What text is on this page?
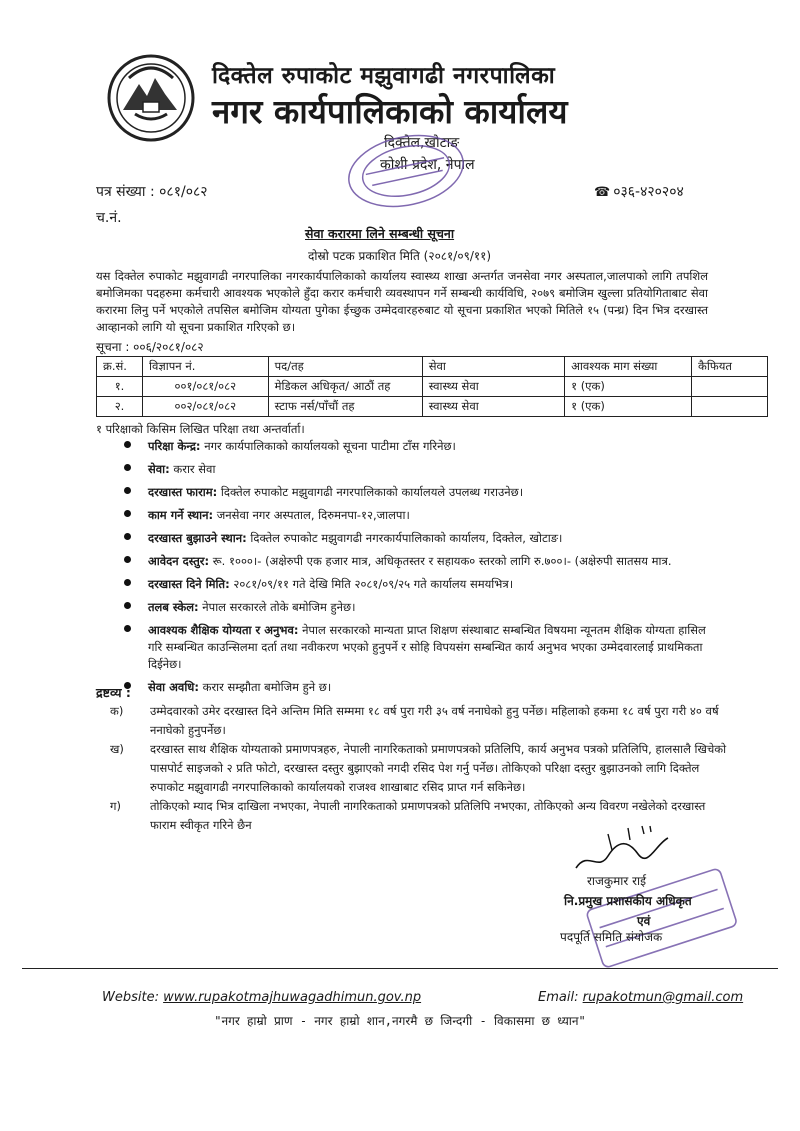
दिक्तेल रुपाकोट मझुवागढी नगरपालिका
नगर कार्यपालिकाको कार्यालय
दिक्तेल,खोटाङ
कोशी प्रदेश, नेपाल
पत्र संख्या : ०८१/०८२
च.नं.
☎ ०३६-४२०२०४
सेवा करारमा लिने सम्बन्धी सूचना
दोस्रो पटक प्रकाशित मिति (२०८१/०९/११)
यस दिक्तेल रुपाकोट मझुवागढी नगरपालिका नगरकार्यपालिकाको कार्यालय स्वास्थ्य शाखा अन्तर्गत जनसेवा नगर अस्पताल,जालपाको लागि तपशिल बमोजिमका पदहरुमा कर्मचारी आवश्यक भएकोले हुँदा करार कर्मचारी व्यवस्थापन गर्ने सम्बन्धी कार्यविधि, २०७९ बमोजिम खुल्ला प्रतियोगिताबाट सेवा करारमा लिनु पर्ने भएकोले तपसिल बमोजिम योग्यता पुगेका ईच्छुक उम्मेदवारहरुबाट यो सूचना प्रकाशित भएको मितिले १५ (पन्ध्र) दिन भित्र दरखास्त आव्हानको लागि यो सूचना प्रकाशित गरिएको छ।
सूचना : ००६/२०८१/०८२
क्र.सं.	विज्ञापन नं.	पद/तह	सेवा	आवश्यक माग संख्या	कैफियत
१.	००१/०८१/०८२	मेडिकल अधिकृत/ आठौं तह	स्वास्थ्य सेवा	१ (एक)	
२.	००२/०८१/०८२	स्टाफ नर्स/पाँचौं तह	स्वास्थ्य सेवा	१ (एक)	
१ परिक्षाको किसिम लिखित परिक्षा तथा अन्तर्वार्ता।
परिक्षा केन्द्र: नगर कार्यपालिकाको कार्यालयको सूचना पाटीमा टाँस गरिनेछ।
सेवा: करार सेवा
दरखास्त फाराम: दिक्तेल रुपाकोट मझुवागढी नगरपालिकाको कार्यालयले उपलब्ध गराउनेछ।
काम गर्ने स्थान: जनसेवा नगर अस्पताल, दिरुमनपा-१२,जालपा।
दरखास्त बुझाउने स्थान: दिक्तेल रुपाकोट मझुवागढी नगरकार्यपालिकाको कार्यालय, दिक्तेल, खोटाङ।
आवेदन दस्तुर: रू. १०००।- (अक्षेरुपी एक हजार मात्र, अधिकृतस्तर र सहायक० स्तरको लागि रु.७००।- (अक्षेरुपी सातसय मात्र.
दरखास्त दिने मिति: २०८१/०९/११ गते देखि मिति २०८१/०९/२५ गते कार्यालय समयभित्र।
तलब स्केल: नेपाल सरकारले तोके बमोजिम हुनेछ।
आवश्यक शैक्षिक योग्यता र अनुभव: नेपाल सरकारको मान्यता प्राप्त शिक्षण संस्थाबाट सम्बन्धित विषयमा न्यूनतम शैक्षिक योग्यता हासिल गरि सम्बन्धित काउन्सिलमा दर्ता तथा नवीकरण भएको हुनुपर्ने र सोहि विपयसंग सम्बन्धित कार्य अनुभव भएका उम्मेदवारलाई प्राथमिकता दिईनेछ।
सेवा अवधि: करार सम्झौता बमोजिम हुने छ।
द्रष्टव्य :
क)	उम्मेदवारको उमेर दरखास्त दिने अन्तिम मिति सम्ममा १८ वर्ष पुरा गरी ३५ वर्ष ननाघेको हुनु पर्नेछ। महिलाको हकमा १८ वर्ष पुरा गरी ४० वर्ष ननाघेको हुनुपर्नेछ।
ख)	दरखास्त साथ शैक्षिक योग्यताको प्रमाणपत्रहरु, नेपाली नागरिकताको प्रमाणपत्रको प्रतिलिपि, कार्य अनुभव पत्रको प्रतिलिपि, हालसालै खिचेको पासपोर्ट साइजको २ प्रति फोटो, दरखास्त दस्तुर बुझाएको नगदी रसिद पेश गर्नु पर्नेछ। तोकिएको परिक्षा दस्तुर बुझाउनको लागि दिक्तेल रुपाकोट मझुवागढी नगरपालिकाको कार्यालयको राजश्व शाखाबाट रसिद प्राप्त गर्न सकिनेछ।
ग)	तोकिएको म्याद भित्र दाखिला नभएका, नेपाली नागरिकताको प्रमाणपत्रको प्रतिलिपि नभएका, तोकिएको अन्य विवरण नखेलेको दरखास्त फाराम स्वीकृत गरिने छैन
राजकुमार राई
नि.प्रमुख प्रशासकीय अधिकृत
एवं
पदपूर्ति समिति संयोजक
Website: www.rupakotmajhuwagadhimun.gov.np	Email: rupakotmun@gmail.com
"नगर हाम्रो प्राण - नगर हाम्रो शान,नगरमै छ जिन्दगी - विकासमा छ ध्यान"
